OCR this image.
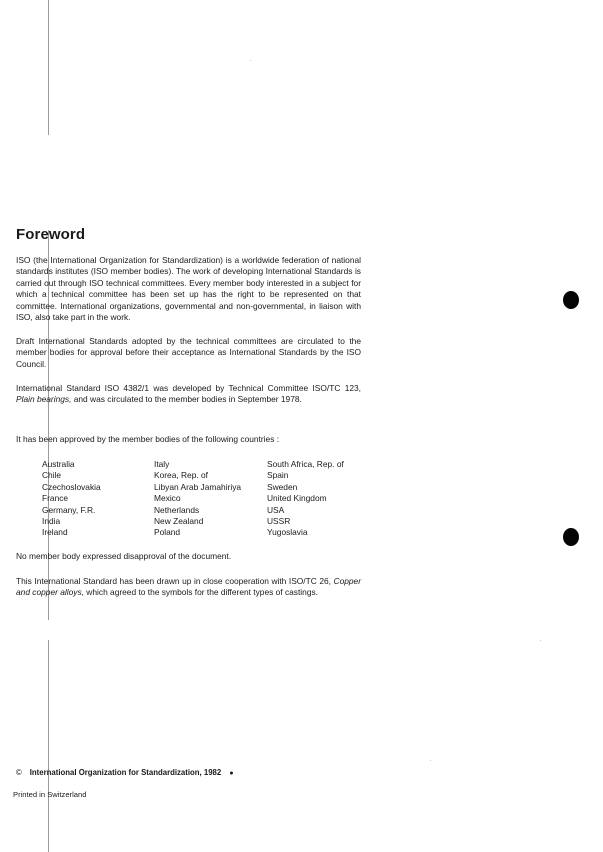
Foreword

ISO (the International Organization for Standardization) is a worldwide federation of national standards institutes (ISO member bodies). The work of developing International Standards is carried out through ISO technical committees. Every member body interested in a subject for which a technical committee has been set up has the right to be represented on that committee. International organizations, governmental and non-governmental, in liaison with ISO, also take part in the work.

Draft International Standards adopted by the technical committees are circulated to the member bodies for approval before their acceptance as International Standards by the ISO Council.

International Standard ISO 4382/1 was developed by Technical Committee ISO/TC 123, Plain bearings, and was circulated to the member bodies in September 1978.

It has been approved by the member bodies of the following countries :

Australia
Chile
Czechoslovakia
France
Germany, F.R.
India
Ireland
Italy
Korea, Rep. of
Libyan Arab Jamahiriya
Mexico
Netherlands
New Zealand
Poland
South Africa, Rep. of
Spain
Sweden
United Kingdom
USA
USSR
Yugoslavia

No member body expressed disapproval of the document.

This International Standard has been drawn up in close cooperation with ISO/TC 26, Copper and copper alloys, which agreed to the symbols for the different types of castings.

© International Organization for Standardization, 1982 ●
Printed in Switzerland
